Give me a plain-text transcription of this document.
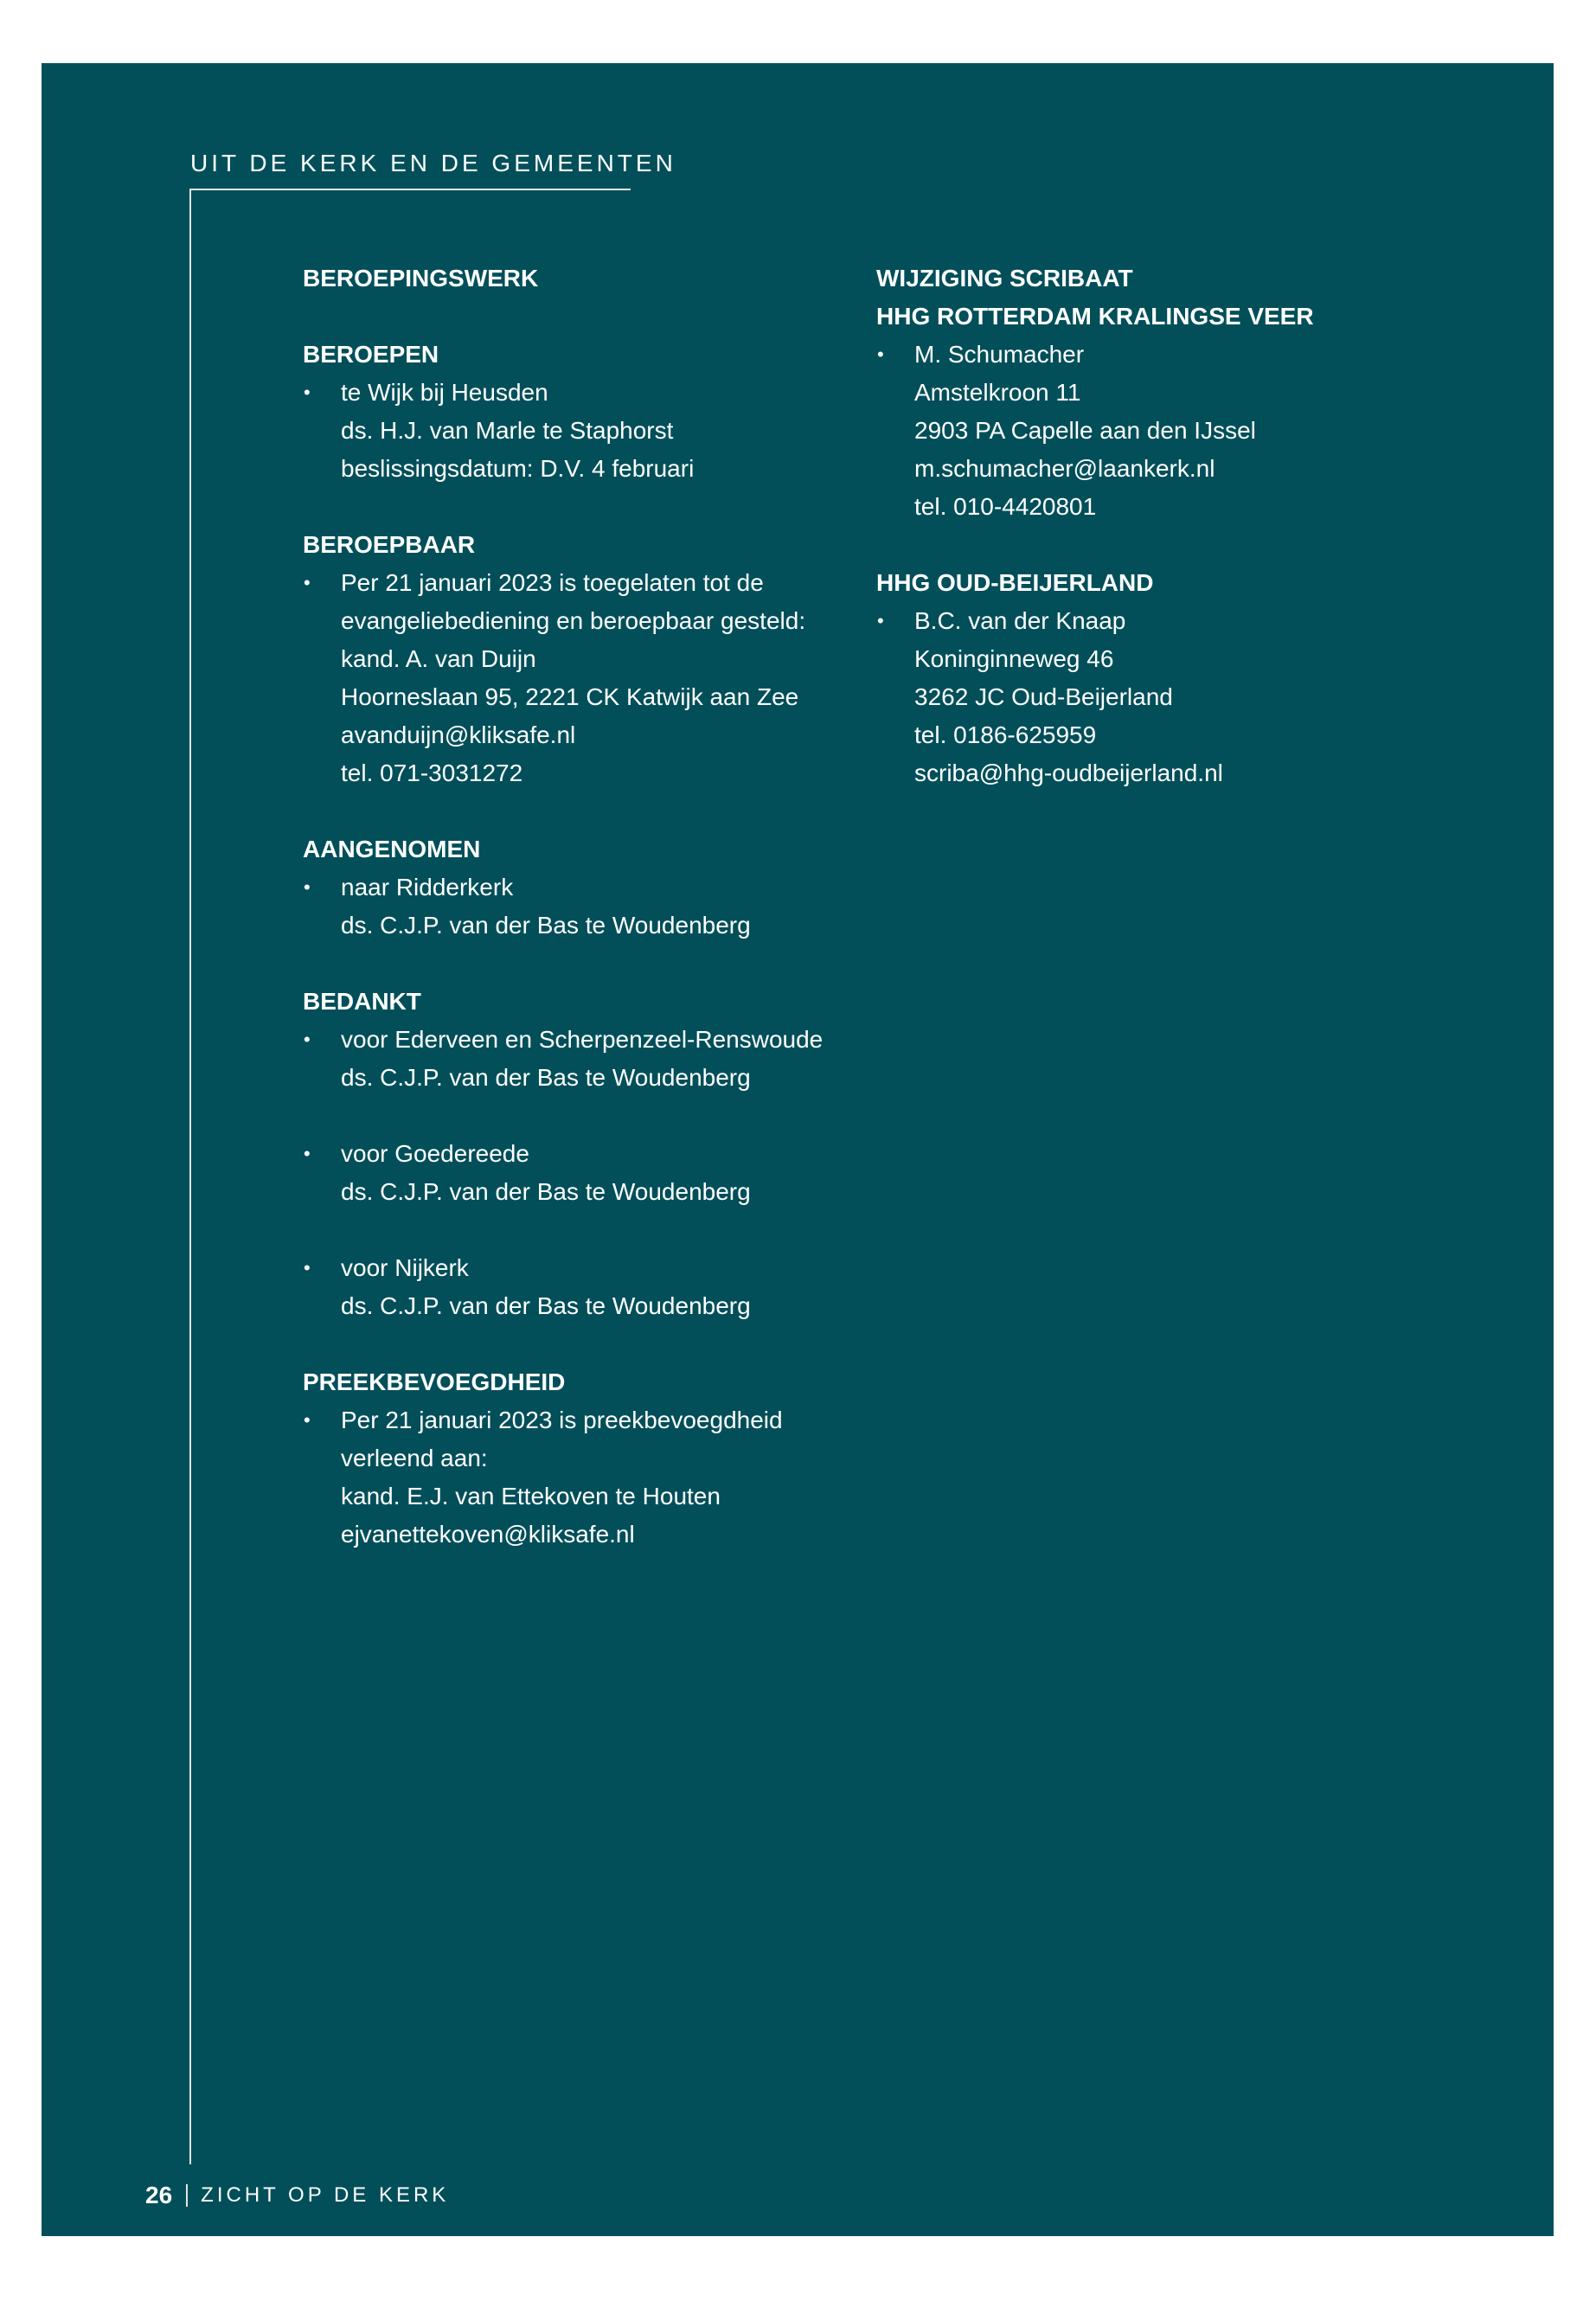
UIT DE KERK EN DE GEMEENTEN

BEROEPINGSWERK

BEROEPEN

• te Wijk bij Heusden
ds. H.J. van Marle te Staphorst
beslissingsdatum: D.V. 4 februari

BEROEPBAAR

• Per 21 januari 2023 is toegelaten tot de
evangeliebediening en beroepbaar gesteld:
kand. A. van Duijn
Hoorneslaan 95, 2221 CK Katwijk aan Zee
avanduijn@kliksafe.nl
tel. 071-3031272

AANGENOMEN

• naar Ridderkerk
ds. C.J.P. van der Bas te Woudenberg

BEDANKT

• voor Ederveen en Scherpenzeel-Renswoude
ds. C.J.P. van der Bas te Woudenberg
• voor Goedereede
ds. C.J.P. van der Bas te Woudenberg
• voor Nijkerk
ds. C.J.P. van der Bas te Woudenberg

PREEKBEVOEGDHEID

• Per 21 januari 2023 is preekbevoegdheid
verleend aan:
kand. E.J. van Ettekoven te Houten
ejvanettekoven@kliksafe.nl

WIJZIGING SCRIBAAT

HHG ROTTERDAM KRALINGSE VEER

• M. Schumacher
Amstelkroon 11
2903 PA Capelle aan den IJssel
m.schumacher@laankerk.nl
tel. 010-4420801

HHG OUD-BEIJERLAND

• B.C. van der Knaap
Koninginneweg 46
3262 JC Oud-Beijerland
tel. 0186-625959
scriba@hhg-oudbeijerland.nl
26 ZICHT OP DE KERK
